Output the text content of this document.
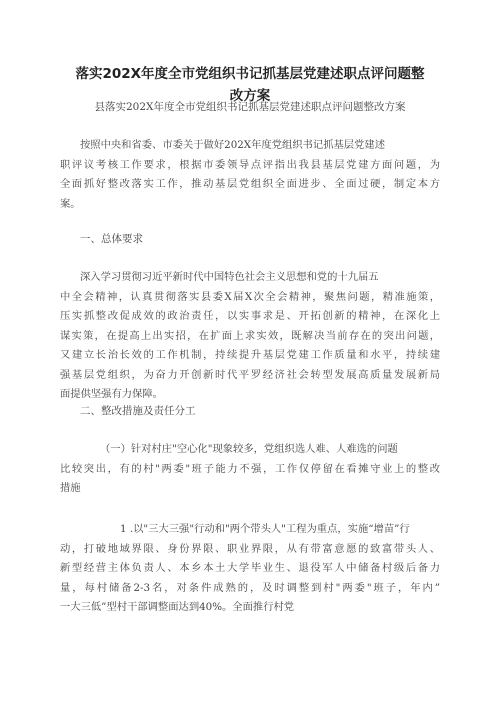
落实202X年度全市党组织书记抓基层党建述职点评问题整
改方案
县落实202X年度全市党组织书记抓基层党建述职点评问题整改方案
按照中央和省委、市委关于做好202X年度党组织书记抓基层党建述
职评议考核工作要求，根据市委领导点评指出我县基层党建方面问题，为
全面抓好整改落实工作，推动基层党组织全面进步、全面过硬，制定本方
案。
一、总体要求
深入学习贯彻习近平新时代中国特色社会主义思想和党的十九届五
中全会精神，认真贯彻落实县委X届X次全会精神，聚焦问题，精准施策，
压实抓整改促成效的政治责任，以实事求是、开拓创新的精神，在深化上
谋实策，在提高上出实招，在扩面上求实效，既解决当前存在的突出问题，
又建立长治长效的工作机制，持续提升基层党建工作质量和水平，持续建
强基层党组织，为奋力开创新时代平罗经济社会转型发展高质量发展新局
面提供坚强有力保障。
二、整改措施及责任分工
（一）针对村庄"空心化"现象较多，党组织选人难、人难选的问题
比较突出，有的村"两委"班子能力不强，工作仅停留在看摊守业上的整改
措施
1 .以"三大三强"行动和"两个带头人"工程为重点，实施“增苗”行
动，打破地域界限、身份界限、职业界限，从有带富意愿的致富带头人、
新型经营主体负责人、本乡本土大学毕业生、退役军人中储备村级后备力
量，每村储备2-3名，对条件成熟的，及时调整到村"两委"班子，年内”
一大三低”型村干部调整面达到40%。全面推行村党
